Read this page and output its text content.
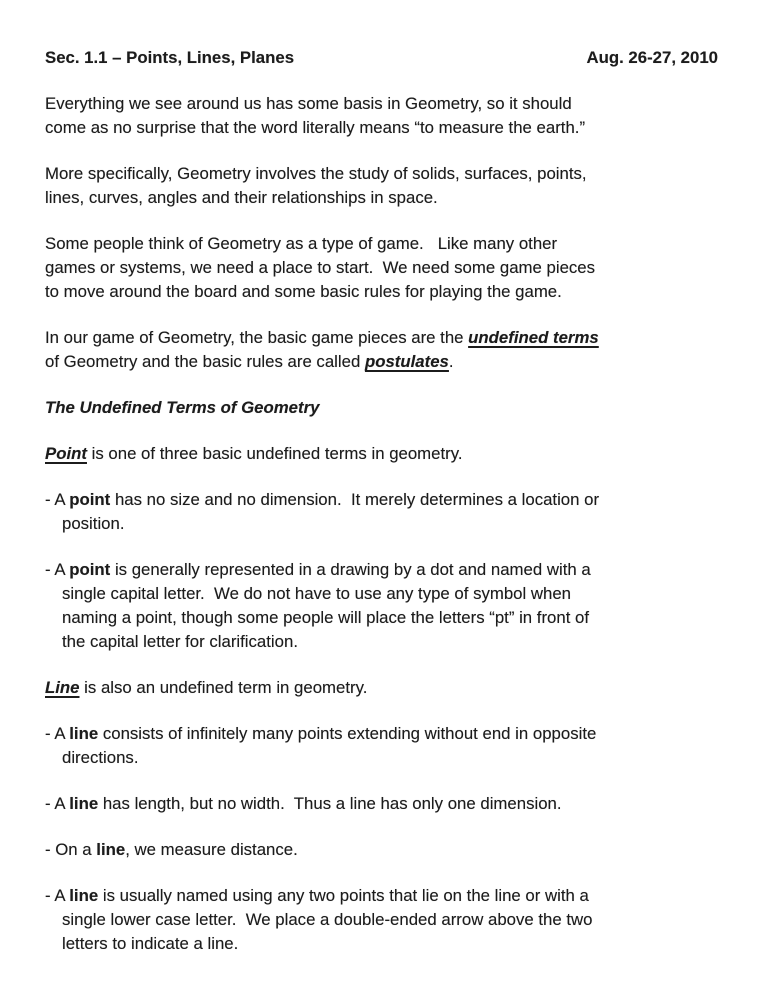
Sec. 1.1 – Points, Lines, Planes	Aug. 26-27, 2010

Everything we see around us has some basis in Geometry, so it should
come as no surprise that the word literally means “to measure the earth.”

More specifically, Geometry involves the study of solids, surfaces, points,
lines, curves, angles and their relationships in space.

Some people think of Geometry as a type of game.   Like many other
games or systems, we need a place to start.  We need some game pieces
to move around the board and some basic rules for playing the game.

In our game of Geometry, the basic game pieces are the undefined terms
of Geometry and the basic rules are called postulates.

The Undefined Terms of Geometry

Point is one of three basic undefined terms in geometry.

- A point has no size and no dimension.  It merely determines a location or
position.

- A point is generally represented in a drawing by a dot and named with a
single capital letter.  We do not have to use any type of symbol when
naming a point, though some people will place the letters “pt” in front of
the capital letter for clarification.

Line is also an undefined term in geometry.

- A line consists of infinitely many points extending without end in opposite
directions.

- A line has length, but no width.  Thus a line has only one dimension.

- On a line, we measure distance.

- A line is usually named using any two points that lie on the line or with a
single lower case letter.  We place a double-ended arrow above the two
letters to indicate a line.
